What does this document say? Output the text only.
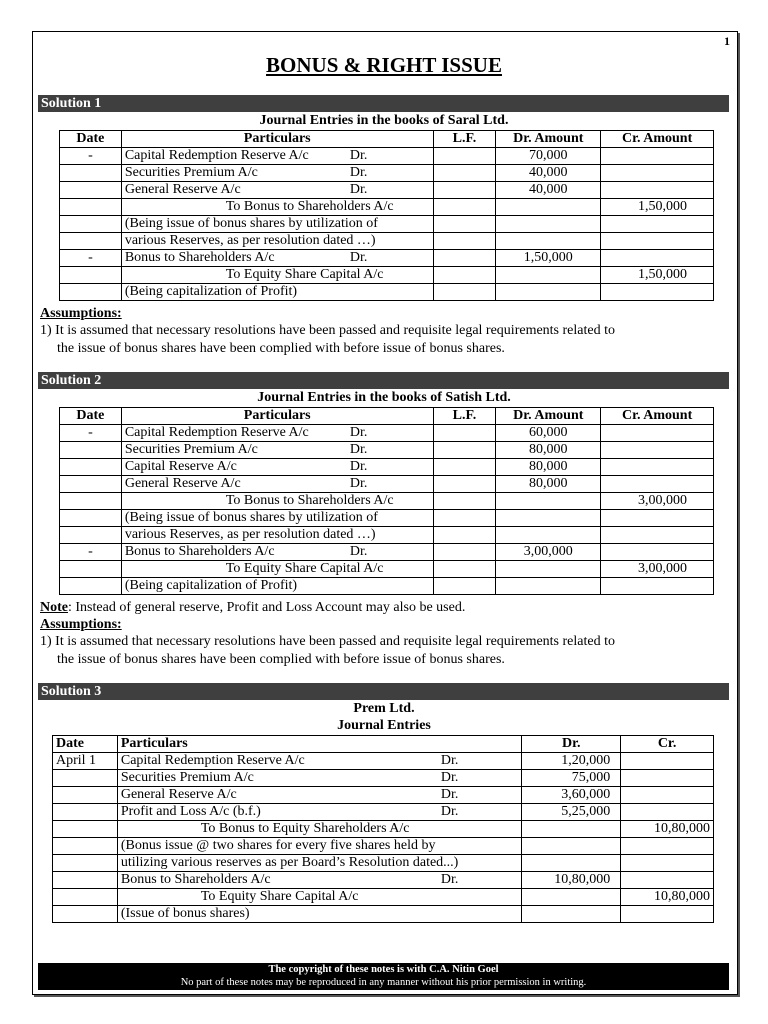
1
BONUS & RIGHT ISSUE
Solution 1
Journal Entries in the books of Saral Ltd.
Date	Particulars	L.F.	Dr. Amount	Cr. Amount
-	Capital Redemption Reserve A/c Dr.		70,000	
	Securities Premium A/c Dr.		40,000	
	General Reserve A/c Dr.		40,000	
	To Bonus to Shareholders A/c			1,50,000
	(Being issue of bonus shares by utilization of			
	various Reserves, as per resolution dated …)			
-	Bonus to Shareholders A/c Dr.		1,50,000	
	To Equity Share Capital A/c			1,50,000
	(Being capitalization of Profit)			
Assumptions:
1) It is assumed that necessary resolutions have been passed and requisite legal requirements related to
the issue of bonus shares have been complied with before issue of bonus shares.
Solution 2
Journal Entries in the books of Satish Ltd.
Date	Particulars	L.F.	Dr. Amount	Cr. Amount
-	Capital Redemption Reserve A/c Dr.		60,000	
	Securities Premium A/c Dr.		80,000	
	Capital Reserve A/c Dr.		80,000	
	General Reserve A/c Dr.		80,000	
	To Bonus to Shareholders A/c			3,00,000
	(Being issue of bonus shares by utilization of			
	various Reserves, as per resolution dated …)			
-	Bonus to Shareholders A/c Dr.		3,00,000	
	To Equity Share Capital A/c			3,00,000
	(Being capitalization of Profit)			
Note: Instead of general reserve, Profit and Loss Account may also be used.
Assumptions:
1) It is assumed that necessary resolutions have been passed and requisite legal requirements related to
the issue of bonus shares have been complied with before issue of bonus shares.
Solution 3
Prem Ltd.
Journal Entries
Date	Particulars	Dr.	Cr.
April 1	Capital Redemption Reserve A/c Dr.	1,20,000	
	Securities Premium A/c Dr.	75,000	
	General Reserve A/c Dr.	3,60,000	
	Profit and Loss A/c (b.f.) Dr.	5,25,000	
	To Bonus to Equity Shareholders A/c		10,80,000
	(Bonus issue @ two shares for every five shares held by		
	utilizing various reserves as per Board’s Resolution dated...)		
	Bonus to Shareholders A/c Dr.	10,80,000	
	To Equity Share Capital A/c		10,80,000
	(Issue of bonus shares)		
The copyright of these notes is with C.A. Nitin Goel
No part of these notes may be reproduced in any manner without his prior permission in writing.
